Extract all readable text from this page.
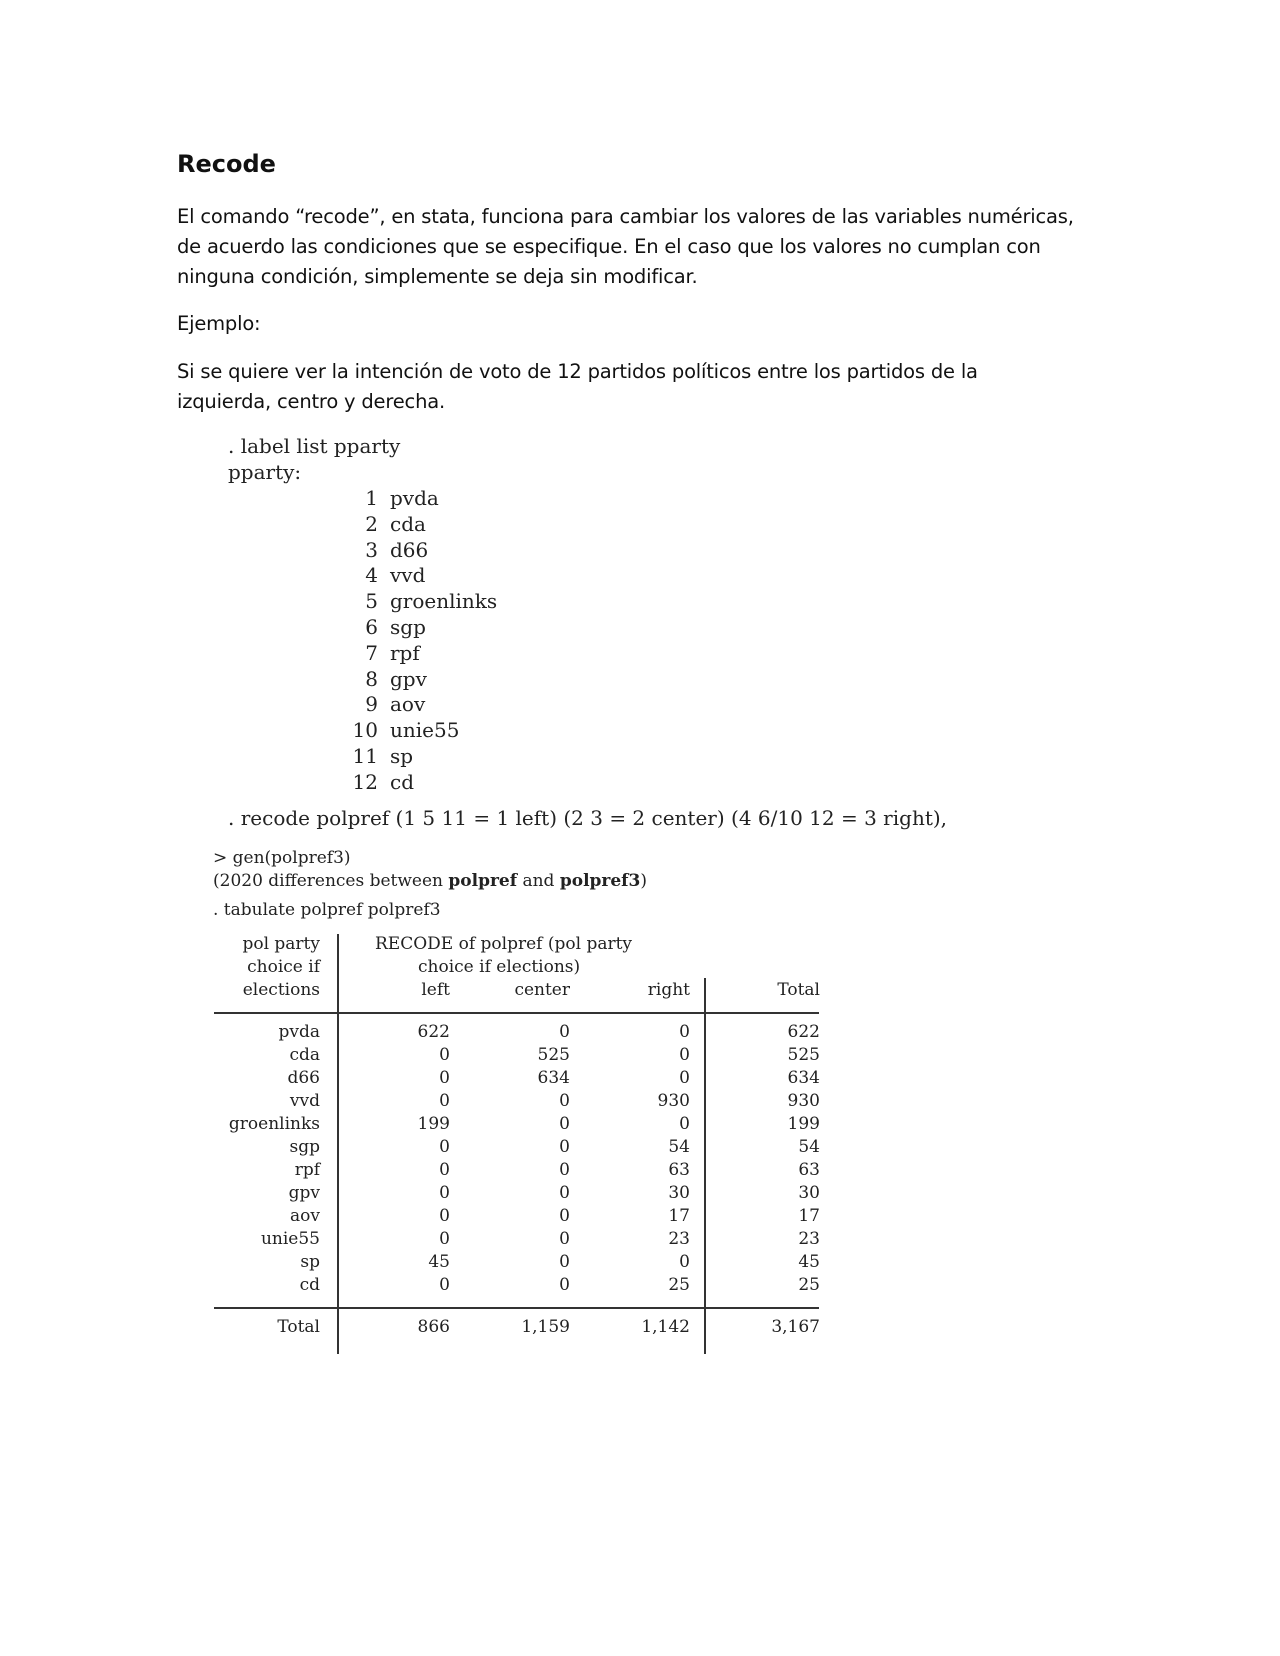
Recode

El comando “recode”, en stata, funciona para cambiar los valores de las variables numéricas, de acuerdo las condiciones que se especifique. En el caso que los valores no cumplan con ninguna condición, simplemente se deja sin modificar.

Ejemplo:

Si se quiere ver la intención de voto de 12 partidos políticos entre los partidos de la izquierda, centro y derecha.

. label list pparty
pparty:
1 pvda
2 cda
3 d66
4 vvd
5 groenlinks
6 sgp
7 rpf
8 gpv
9 aov
10 unie55
11 sp
12 cd
. recode polpref (1 5 11 = 1 left) (2 3 = 2 center) (4 6/10 12 = 3 right),
> gen(polpref3)
(2020 differences between polpref and polpref3)
. tabulate polpref polpref3
pol party
choice if
elections
RECODE of polpref (pol party
choice if elections)
left	center	right	Total
pvda	622	0	0	622
cda	0	525	0	525
d66	0	634	0	634
vvd	0	0	930	930
groenlinks	199	0	0	199
sgp	0	0	54	54
rpf	0	0	63	63
gpv	0	0	30	30
aov	0	0	17	17
unie55	0	0	23	23
sp	45	0	0	45
cd	0	0	25	25
Total	866	1,159	1,142	3,167
